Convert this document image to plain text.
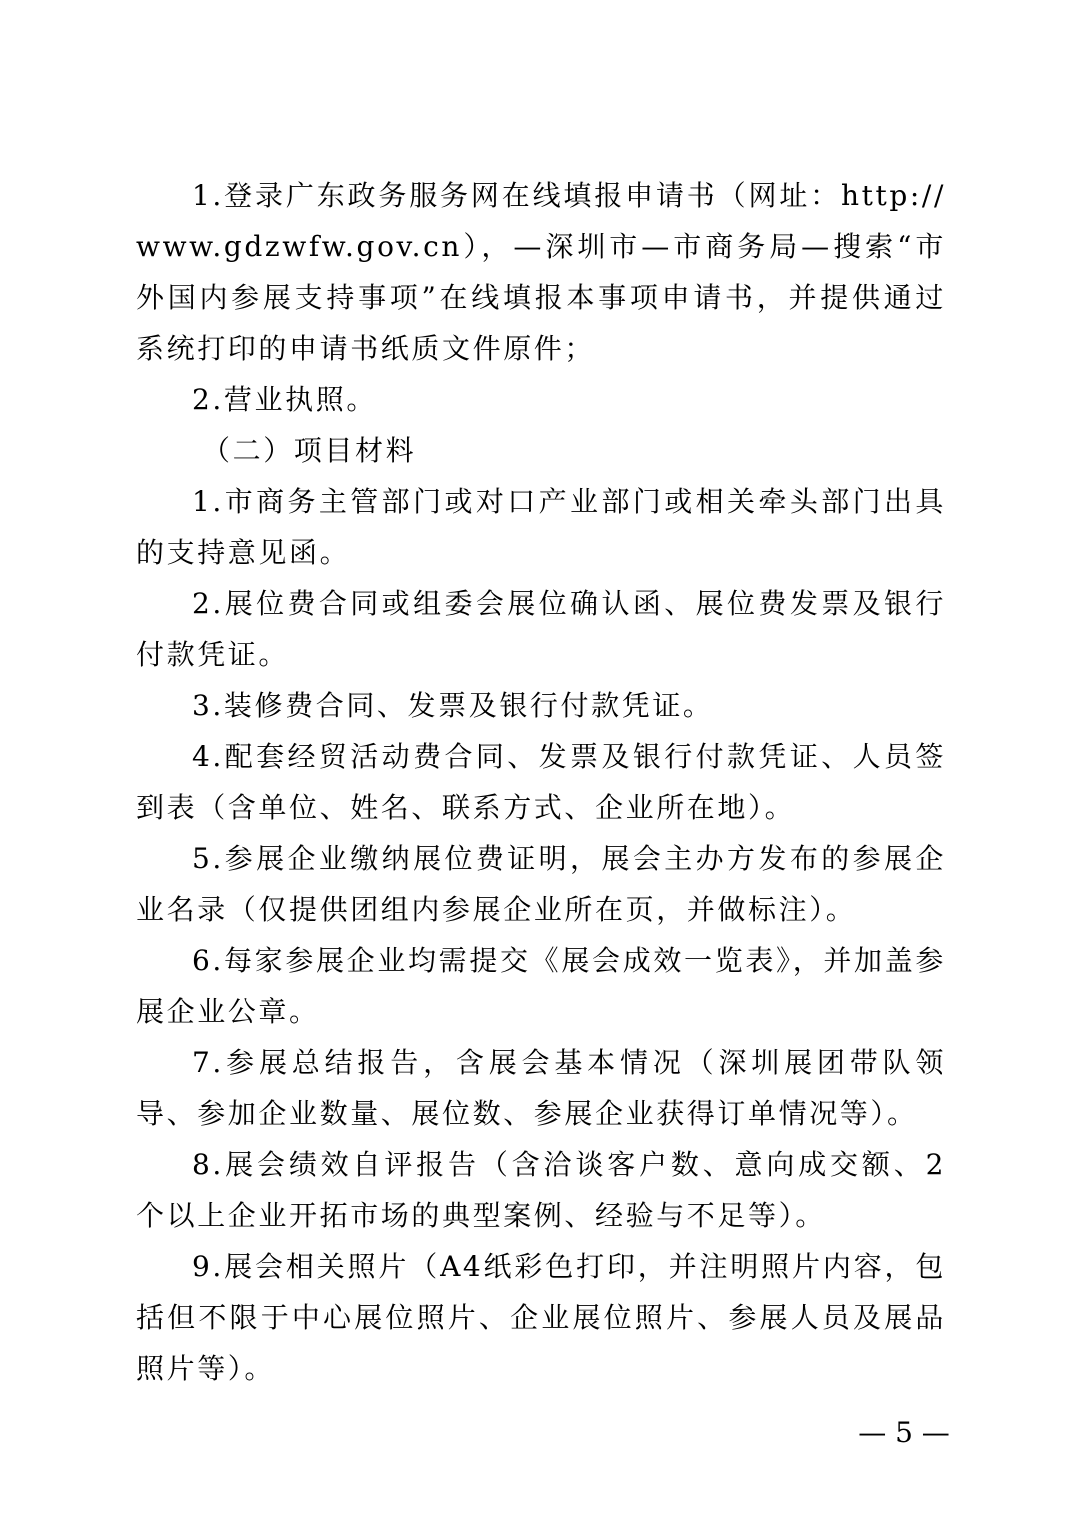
1.登录广东政务服务网在线填报申请书（网址：http://www.gdzwfw.gov.cn），—深圳市—市商务局—搜索“市外国内参展支持事项”在线填报本事项申请书，并提供通过系统打印的申请书纸质文件原件；

2.营业执照。

（二）项目材料

1.市商务主管部门或对口产业部门或相关牵头部门出具的支持意见函。

2.展位费合同或组委会展位确认函、展位费发票及银行付款凭证。

3.装修费合同、发票及银行付款凭证。

4.配套经贸活动费合同、发票及银行付款凭证、人员签到表（含单位、姓名、联系方式、企业所在地）。

5.参展企业缴纳展位费证明，展会主办方发布的参展企业名录（仅提供团组内参展企业所在页，并做标注）。

6.每家参展企业均需提交《展会成效一览表》，并加盖参展企业公章。

7.参展总结报告，含展会基本情况（深圳展团带队领导、参加企业数量、展位数、参展企业获得订单情况等）。

8.展会绩效自评报告（含洽谈客户数、意向成交额、2个以上企业开拓市场的典型案例、经验与不足等）。

9.展会相关照片（A4纸彩色打印，并注明照片内容，包括但不限于中心展位照片、企业展位照片、参展人员及展品照片等）。

— 5 —
